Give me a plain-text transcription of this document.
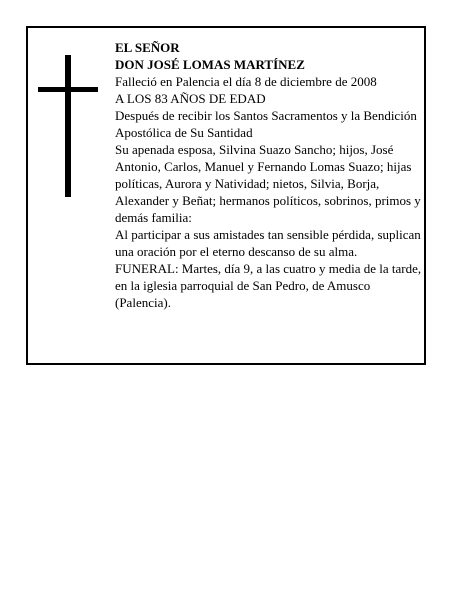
EL SEÑOR

DON JOSÉ LOMAS MARTÍNEZ

Falleció en Palencia el día 8 de diciembre de 2008

A LOS 83 AÑOS DE EDAD

Después de recibir los Santos Sacramentos y la Bendición Apostólica de Su Santidad

Su apenada esposa, Silvina Suazo Sancho; hijos, José Antonio, Carlos, Manuel y Fernando Lomas Suazo; hijas políticas, Aurora y Natividad; nietos, Silvia, Borja, Alexander y Beñat; hermanos políticos, sobrinos, primos y demás familia:

Al participar a sus amistades tan sensible pérdida, suplican una oración por el eterno descanso de su alma.

FUNERAL: Martes, día 9, a las cuatro y media de la tarde, en la iglesia parroquial de San Pedro, de Amusco (Palencia).
